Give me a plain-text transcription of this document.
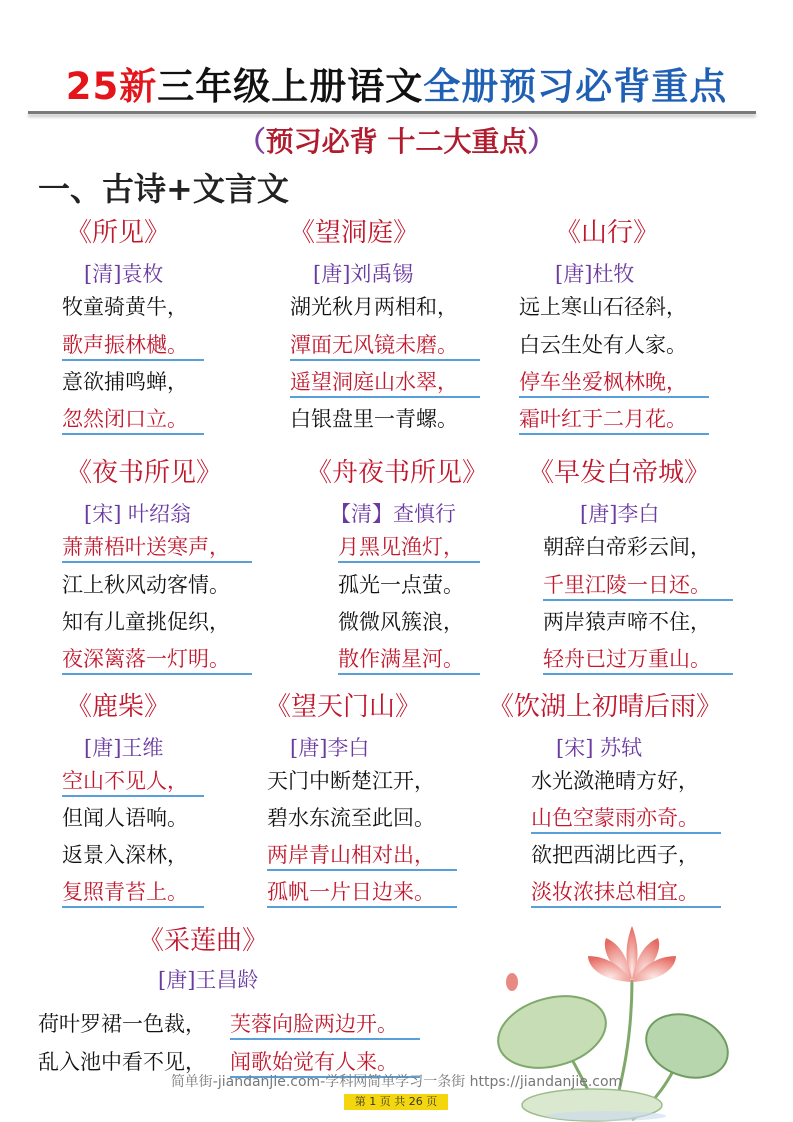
25新三年级上册语文全册预习必背重点
（预习必背 十二大重点）
一、古诗+文言文
《所见》
[清]袁枚
牧童骑黄牛，
歌声振林樾。
意欲捕鸣蝉，
忽然闭口立。
《望洞庭》
[唐]刘禹锡
湖光秋月两相和，
潭面无风镜未磨。
遥望洞庭山水翠，
白银盘里一青螺。
《山行》
[唐]杜牧
远上寒山石径斜，
白云生处有人家。
停车坐爱枫林晚，
霜叶红于二月花。
《夜书所见》
[宋] 叶绍翁
萧萧梧叶送寒声，
江上秋风动客情。
知有儿童挑促织，
夜深篱落一灯明。
《舟夜书所见》
【清】查慎行
月黑见渔灯，
孤光一点萤。
微微风簇浪，
散作满星河。
《早发白帝城》
[唐]李白
朝辞白帝彩云间，
千里江陵一日还。
两岸猿声啼不住，
轻舟已过万重山。
《鹿柴》
[唐]王维
空山不见人，
但闻人语响。
返景入深林，
复照青苔上。
《望天门山》
[唐]李白
天门中断楚江开，
碧水东流至此回。
两岸青山相对出，
孤帆一片日边来。
《饮湖上初晴后雨》
[宋] 苏轼
水光潋滟晴方好，
山色空蒙雨亦奇。
欲把西湖比西子，
淡妆浓抹总相宜。
《采莲曲》
[唐]王昌龄
荷叶罗裙一色裁， 芙蓉向脸两边开。
乱入池中看不见， 闻歌始觉有人来。
简单街-jiandanjie.com-学科网简单学习一条街 https://jiandanjie.com
第 1 页 共 26 页
